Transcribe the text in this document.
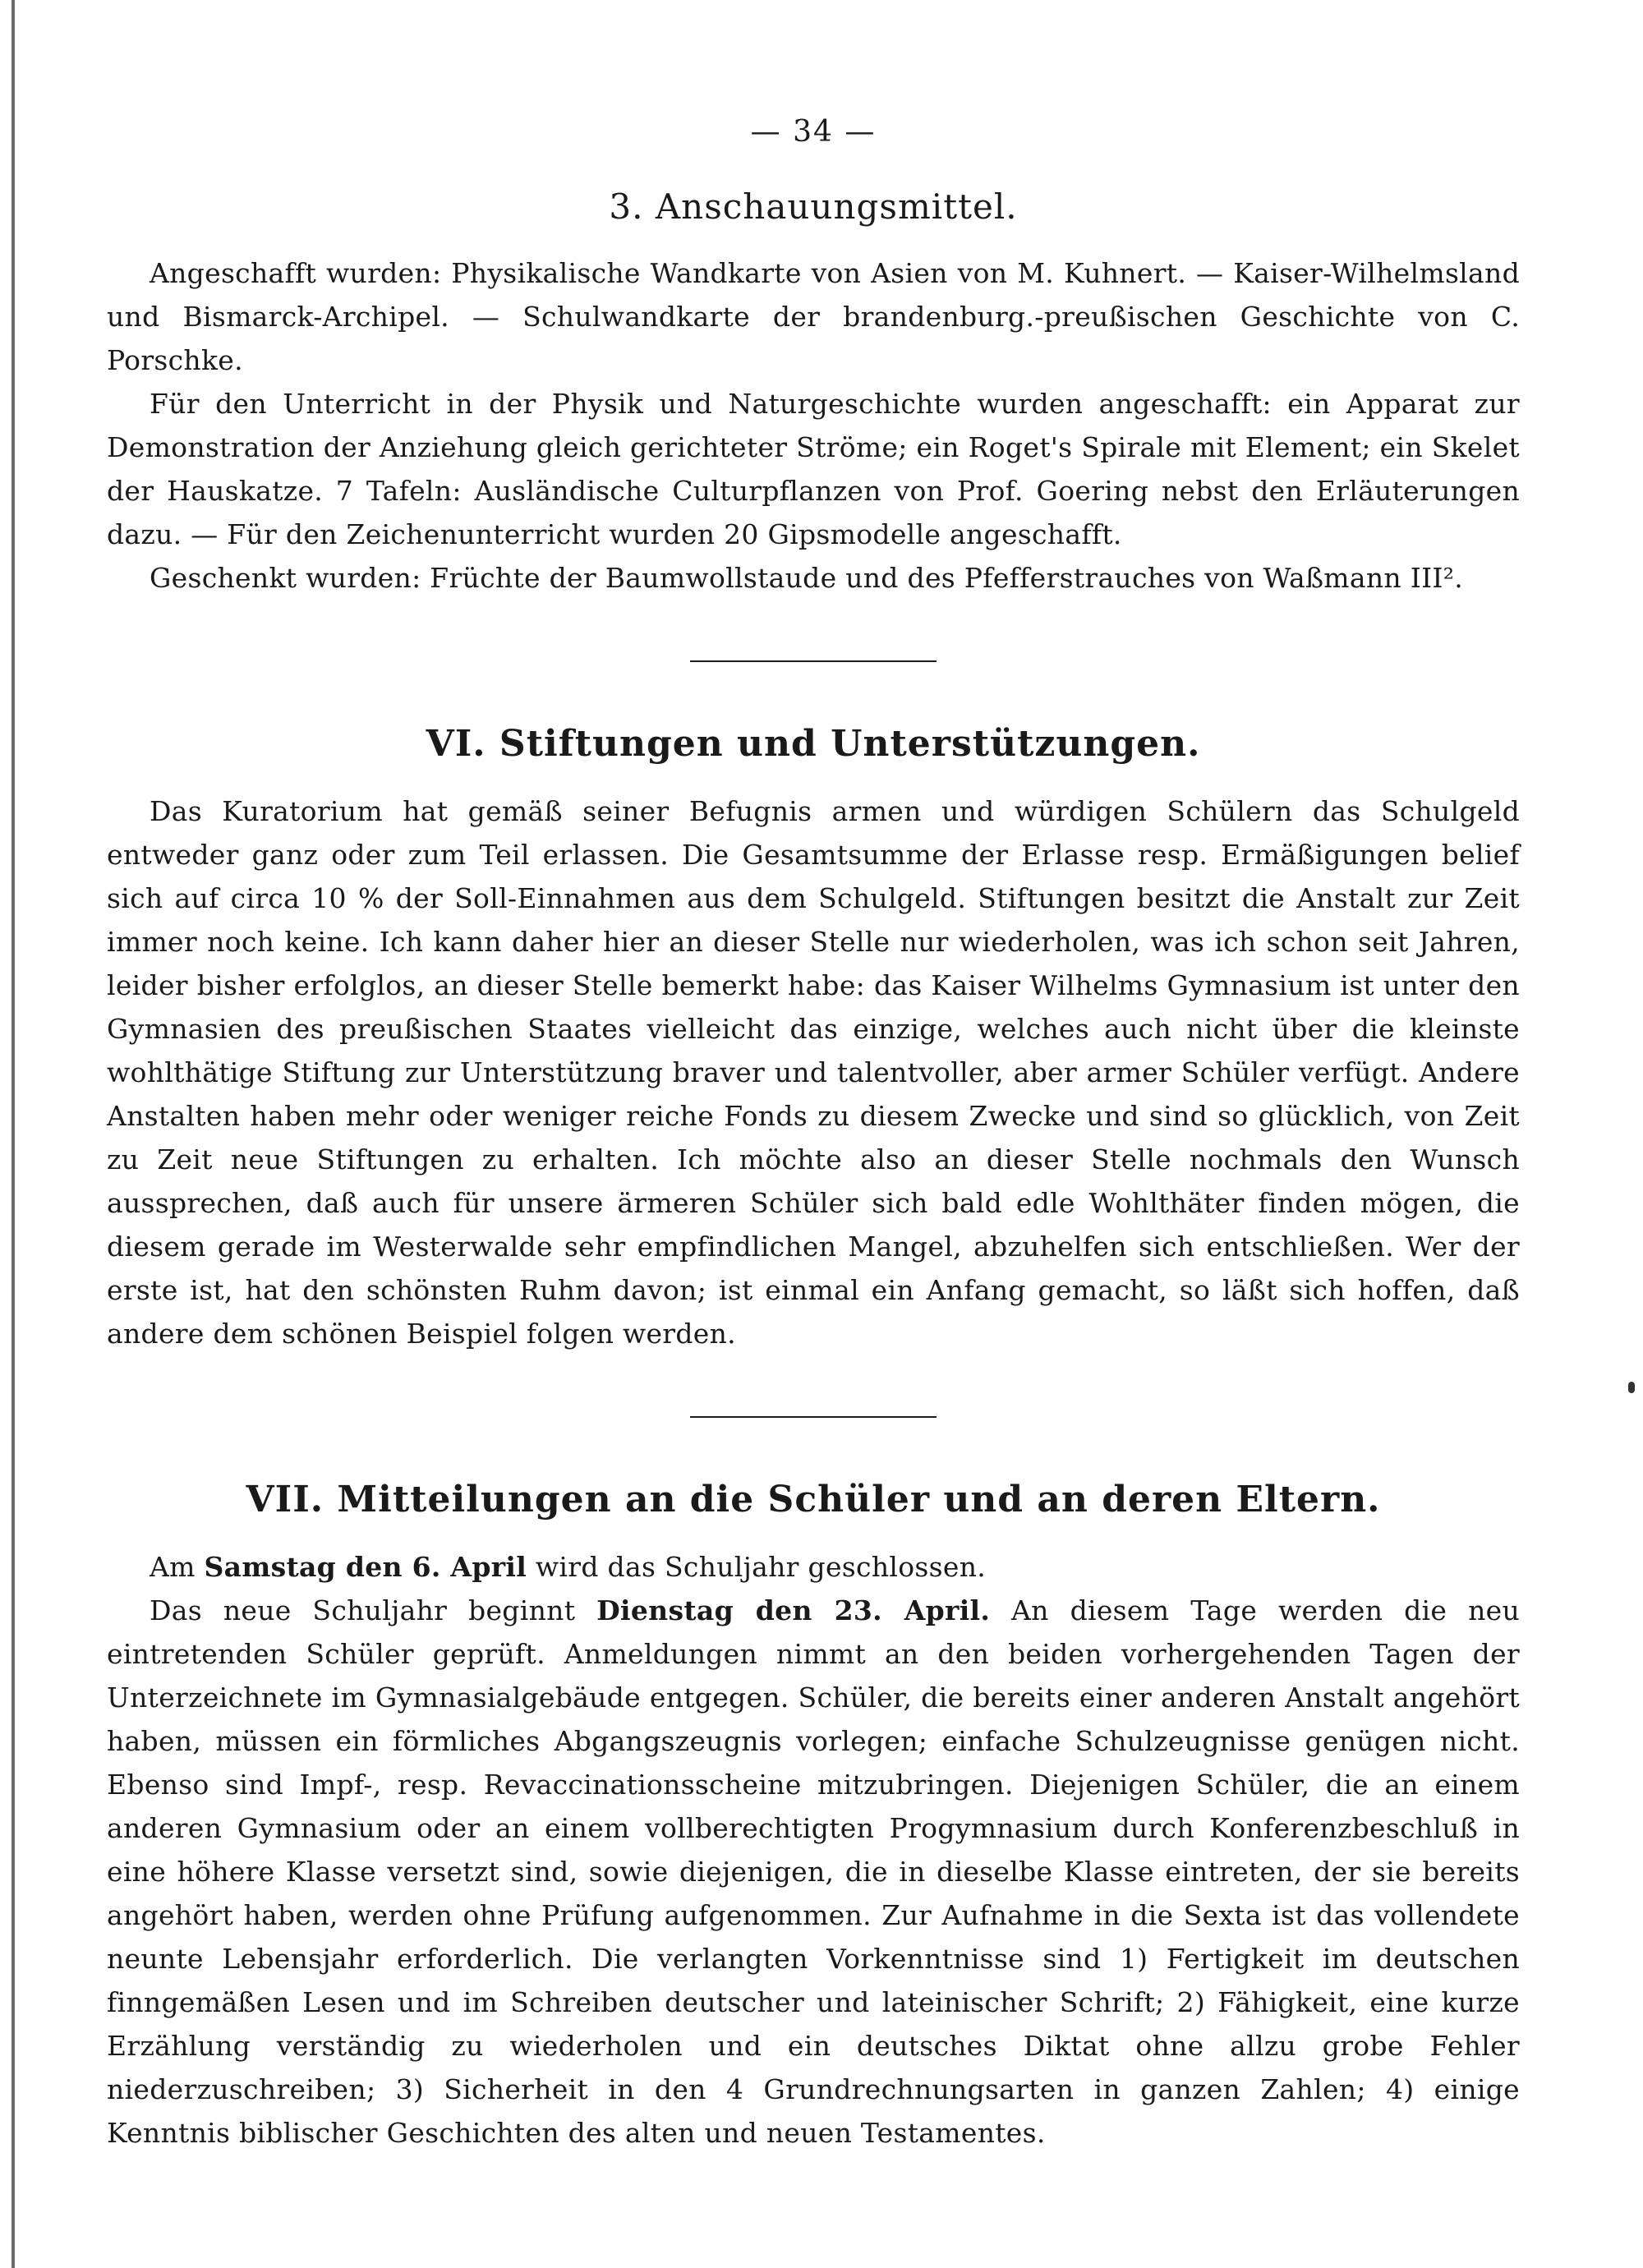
— 34 —
3. Anschauungsmittel.

Angeschafft wurden: Physikalische Wandkarte von Asien von M. Kuhnert. — Kaiser-Wilhelmsland und Bismarck-Archipel. — Schulwandkarte der brandenburg.-preußischen Geschichte von C. Porschke.

Für den Unterricht in der Physik und Naturgeschichte wurden angeschafft: ein Apparat zur Demonstration der Anziehung gleich gerichteter Ströme; ein Roget's Spirale mit Element; ein Skelet der Hauskatze. 7 Tafeln: Ausländische Culturpflanzen von Prof. Goering nebst den Erläuterungen dazu. — Für den Zeichenunterricht wurden 20 Gipsmodelle angeschafft.

Geschenkt wurden: Früchte der Baumwollstaude und des Pfefferstrauches von Waßmann III².

VI. Stiftungen und Unterstützungen.

Das Kuratorium hat gemäß seiner Befugnis armen und würdigen Schülern das Schulgeld entweder ganz oder zum Teil erlassen. Die Gesamtsumme der Erlasse resp. Ermäßigungen belief sich auf circa 10 % der Soll-Einnahmen aus dem Schulgeld. Stiftungen besitzt die Anstalt zur Zeit immer noch keine. Ich kann daher hier an dieser Stelle nur wiederholen, was ich schon seit Jahren, leider bisher erfolglos, an dieser Stelle bemerkt habe: das Kaiser Wilhelms Gymnasium ist unter den Gymnasien des preußischen Staates vielleicht das einzige, welches auch nicht über die kleinste wohlthätige Stiftung zur Unterstützung braver und talentvoller, aber armer Schüler verfügt. Andere Anstalten haben mehr oder weniger reiche Fonds zu diesem Zwecke und sind so glücklich, von Zeit zu Zeit neue Stiftungen zu erhalten. Ich möchte also an dieser Stelle nochmals den Wunsch aussprechen, daß auch für unsere ärmeren Schüler sich bald edle Wohlthäter finden mögen, die diesem gerade im Westerwalde sehr empfindlichen Mangel, abzuhelfen sich entschließen. Wer der erste ist, hat den schönsten Ruhm davon; ist einmal ein Anfang gemacht, so läßt sich hoffen, daß andere dem schönen Beispiel folgen werden.

VII. Mitteilungen an die Schüler und an deren Eltern.

Am Samstag den 6. April wird das Schuljahr geschlossen.

Das neue Schuljahr beginnt Dienstag den 23. April. An diesem Tage werden die neu eintretenden Schüler geprüft. Anmeldungen nimmt an den beiden vorhergehenden Tagen der Unterzeichnete im Gymnasialgebäude entgegen. Schüler, die bereits einer anderen Anstalt angehört haben, müssen ein förmliches Abgangszeugnis vorlegen; einfache Schulzeugnisse genügen nicht. Ebenso sind Impf-, resp. Revaccinationsscheine mitzubringen. Diejenigen Schüler, die an einem anderen Gymnasium oder an einem vollberechtigten Progymnasium durch Konferenzbeschluß in eine höhere Klasse versetzt sind, sowie diejenigen, die in dieselbe Klasse eintreten, der sie bereits angehört haben, werden ohne Prüfung aufgenommen. Zur Aufnahme in die Sexta ist das vollendete neunte Lebensjahr erforderlich. Die verlangten Vorkenntnisse sind 1) Fertigkeit im deutschen finngemäßen Lesen und im Schreiben deutscher und lateinischer Schrift; 2) Fähigkeit, eine kurze Erzählung verständig zu wiederholen und ein deutsches Diktat ohne allzu grobe Fehler niederzuschreiben; 3) Sicherheit in den 4 Grundrechnungsarten in ganzen Zahlen; 4) einige Kenntnis biblischer Geschichten des alten und neuen Testamentes.
